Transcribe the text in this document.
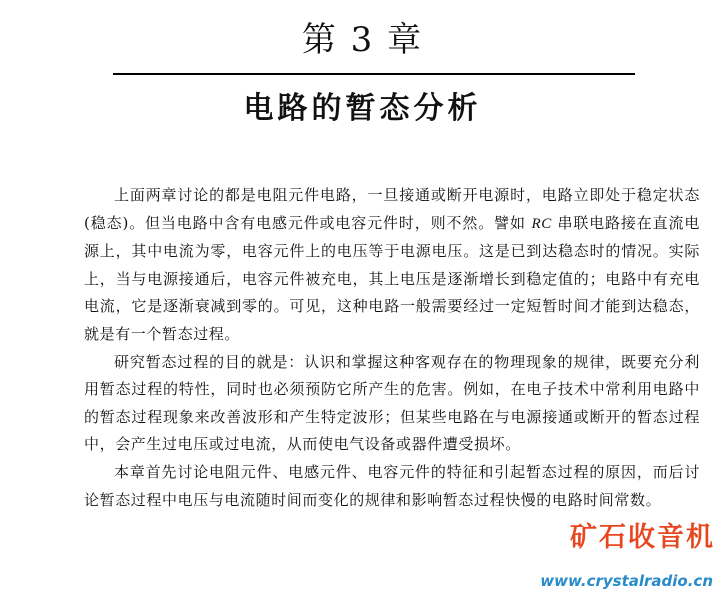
第 3 章
电路的暂态分析

上面两章讨论的都是电阻元件电路，一旦接通或断开电源时，电路立即处于稳定状态(稳态)。但当电路中含有电感元件或电容元件时，则不然。譬如 RC 串联电路接在直流电源上，其中电流为零，电容元件上的电压等于电源电压。这是已到达稳态时的情况。实际上，当与电源接通后，电容元件被充电，其上电压是逐渐增长到稳定值的；电路中有充电电流，它是逐渐衰减到零的。可见，这种电路一般需要经过一定短暂时间才能到达稳态，就是有一个暂态过程。

研究暂态过程的目的就是：认识和掌握这种客观存在的物理现象的规律，既要充分利用暂态过程的特性，同时也必须预防它所产生的危害。例如，在电子技术中常利用电路中的暂态过程现象来改善波形和产生特定波形；但某些电路在与电源接通或断开的暂态过程中，会产生过电压或过电流，从而使电气设备或器件遭受损坏。

本章首先讨论电阻元件、电感元件、电容元件的特征和引起暂态过程的原因，而后讨论暂态过程中电压与电流随时间而变化的规律和影响暂态过程快慢的电路时间常数。

矿石收音机
www.crystalradio.cn
